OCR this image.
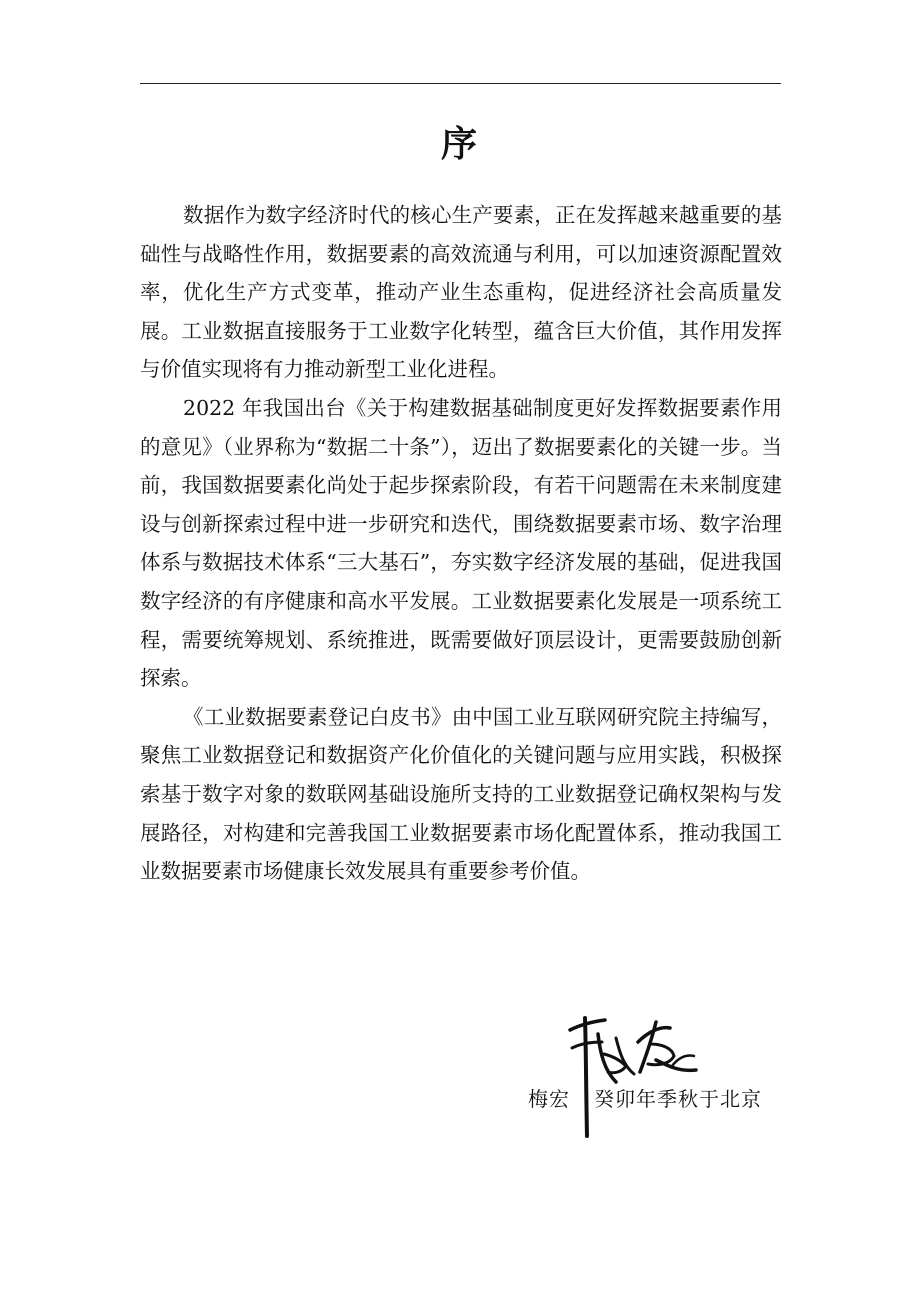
序

数据作为数字经济时代的核心生产要素，正在发挥越来越重要的基础性与战略性作用，数据要素的高效流通与利用，可以加速资源配置效率，优化生产方式变革，推动产业生态重构，促进经济社会高质量发展。工业数据直接服务于工业数字化转型，蕴含巨大价值，其作用发挥与价值实现将有力推动新型工业化进程。

2022 年我国出台《关于构建数据基础制度更好发挥数据要素作用的意见》（业界称为“数据二十条”），迈出了数据要素化的关键一步。当前，我国数据要素化尚处于起步探索阶段，有若干问题需在未来制度建设与创新探索过程中进一步研究和迭代，围绕数据要素市场、数字治理体系与数据技术体系“三大基石”，夯实数字经济发展的基础，促进我国数字经济的有序健康和高水平发展。工业数据要素化发展是一项系统工程，需要统筹规划、系统推进，既需要做好顶层设计，更需要鼓励创新探索。

《工业数据要素登记白皮书》由中国工业互联网研究院主持编写，聚焦工业数据登记和数据资产化价值化的关键问题与应用实践，积极探索基于数字对象的数联网基础设施所支持的工业数据登记确权架构与发展路径，对构建和完善我国工业数据要素市场化配置体系，推动我国工业数据要素市场健康长效发展具有重要参考价值。

梅宏 癸卯年季秋于北京
